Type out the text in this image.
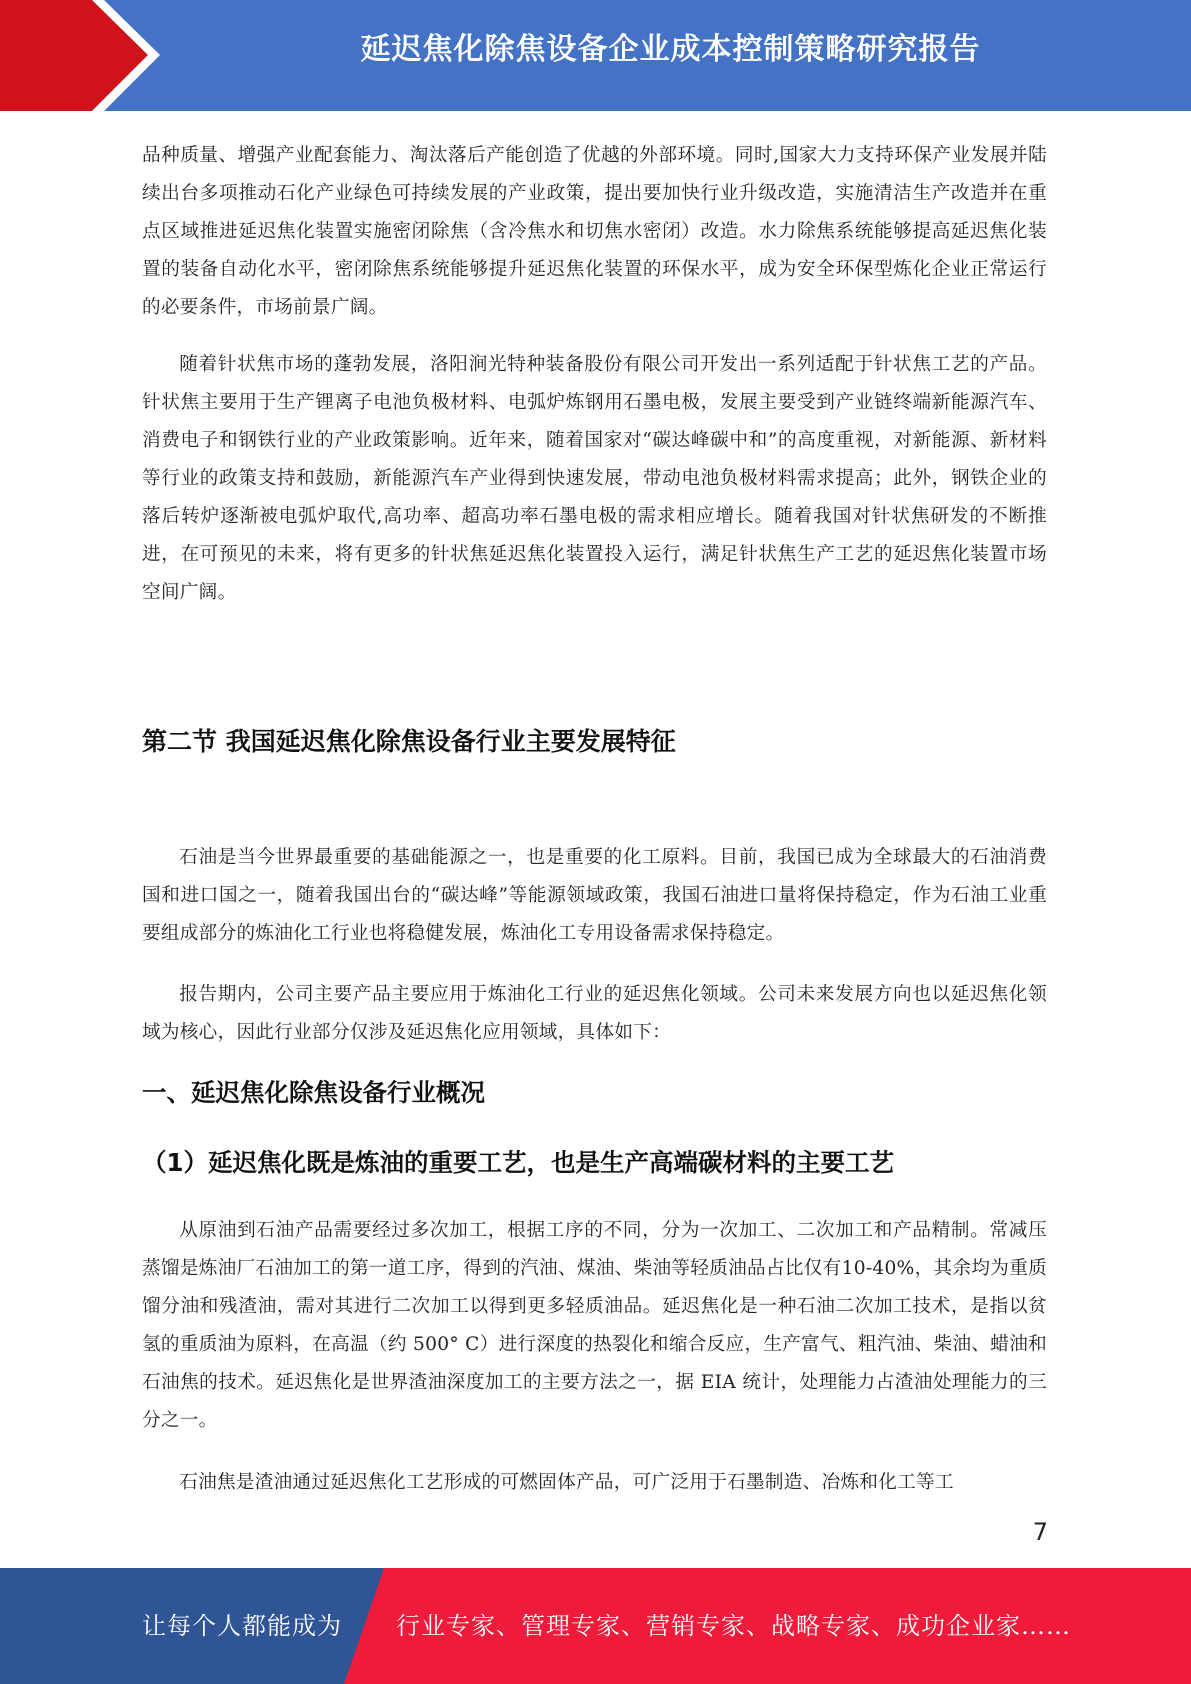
延迟焦化除焦设备企业成本控制策略研究报告

品种质量、增强产业配套能力、淘汰落后产能创造了优越的外部环境。同时,国家大力支持环保产业发展并陆续出台多项推动石化产业绿色可持续发展的产业政策，提出要加快行业升级改造，实施清洁生产改造并在重点区域推进延迟焦化装置实施密闭除焦（含冷焦水和切焦水密闭）改造。水力除焦系统能够提高延迟焦化装置的装备自动化水平，密闭除焦系统能够提升延迟焦化装置的环保水平，成为安全环保型炼化企业正常运行的必要条件，市场前景广阔。

随着针状焦市场的蓬勃发展，洛阳涧光特种装备股份有限公司开发出一系列适配于针状焦工艺的产品。针状焦主要用于生产锂离子电池负极材料、电弧炉炼钢用石墨电极，发展主要受到产业链终端新能源汽车、消费电子和钢铁行业的产业政策影响。近年来，随着国家对“碳达峰碳中和”的高度重视，对新能源、新材料等行业的政策支持和鼓励，新能源汽车产业得到快速发展，带动电池负极材料需求提高；此外，钢铁企业的落后转炉逐渐被电弧炉取代,高功率、超高功率石墨电极的需求相应增长。随着我国对针状焦研发的不断推进，在可预见的未来，将有更多的针状焦延迟焦化装置投入运行，满足针状焦生产工艺的延迟焦化装置市场空间广阔。

第二节 我国延迟焦化除焦设备行业主要发展特征

石油是当今世界最重要的基础能源之一，也是重要的化工原料。目前，我国已成为全球最大的石油消费国和进口国之一，随着我国出台的“碳达峰”等能源领域政策，我国石油进口量将保持稳定，作为石油工业重要组成部分的炼油化工行业也将稳健发展，炼油化工专用设备需求保持稳定。

报告期内，公司主要产品主要应用于炼油化工行业的延迟焦化领域。公司未来发展方向也以延迟焦化领域为核心，因此行业部分仅涉及延迟焦化应用领域，具体如下：

一、延迟焦化除焦设备行业概况
（1）延迟焦化既是炼油的重要工艺，也是生产高端碳材料的主要工艺

从原油到石油产品需要经过多次加工，根据工序的不同，分为一次加工、二次加工和产品精制。常减压蒸馏是炼油厂石油加工的第一道工序，得到的汽油、煤油、柴油等轻质油品占比仅有10-40%，其余均为重质馏分油和残渣油，需对其进行二次加工以得到更多轻质油品。延迟焦化是一种石油二次加工技术，是指以贫氢的重质油为原料，在高温（约 500° C）进行深度的热裂化和缩合反应，生产富气、粗汽油、柴油、蜡油和石油焦的技术。延迟焦化是世界渣油深度加工的主要方法之一，据 EIA 统计，处理能力占渣油处理能力的三分之一。

石油焦是渣油通过延迟焦化工艺形成的可燃固体产品，可广泛用于石墨制造、冶炼和化工等工

7
让每个人都能成为 行业专家、管理专家、营销专家、战略专家、成功企业家……
